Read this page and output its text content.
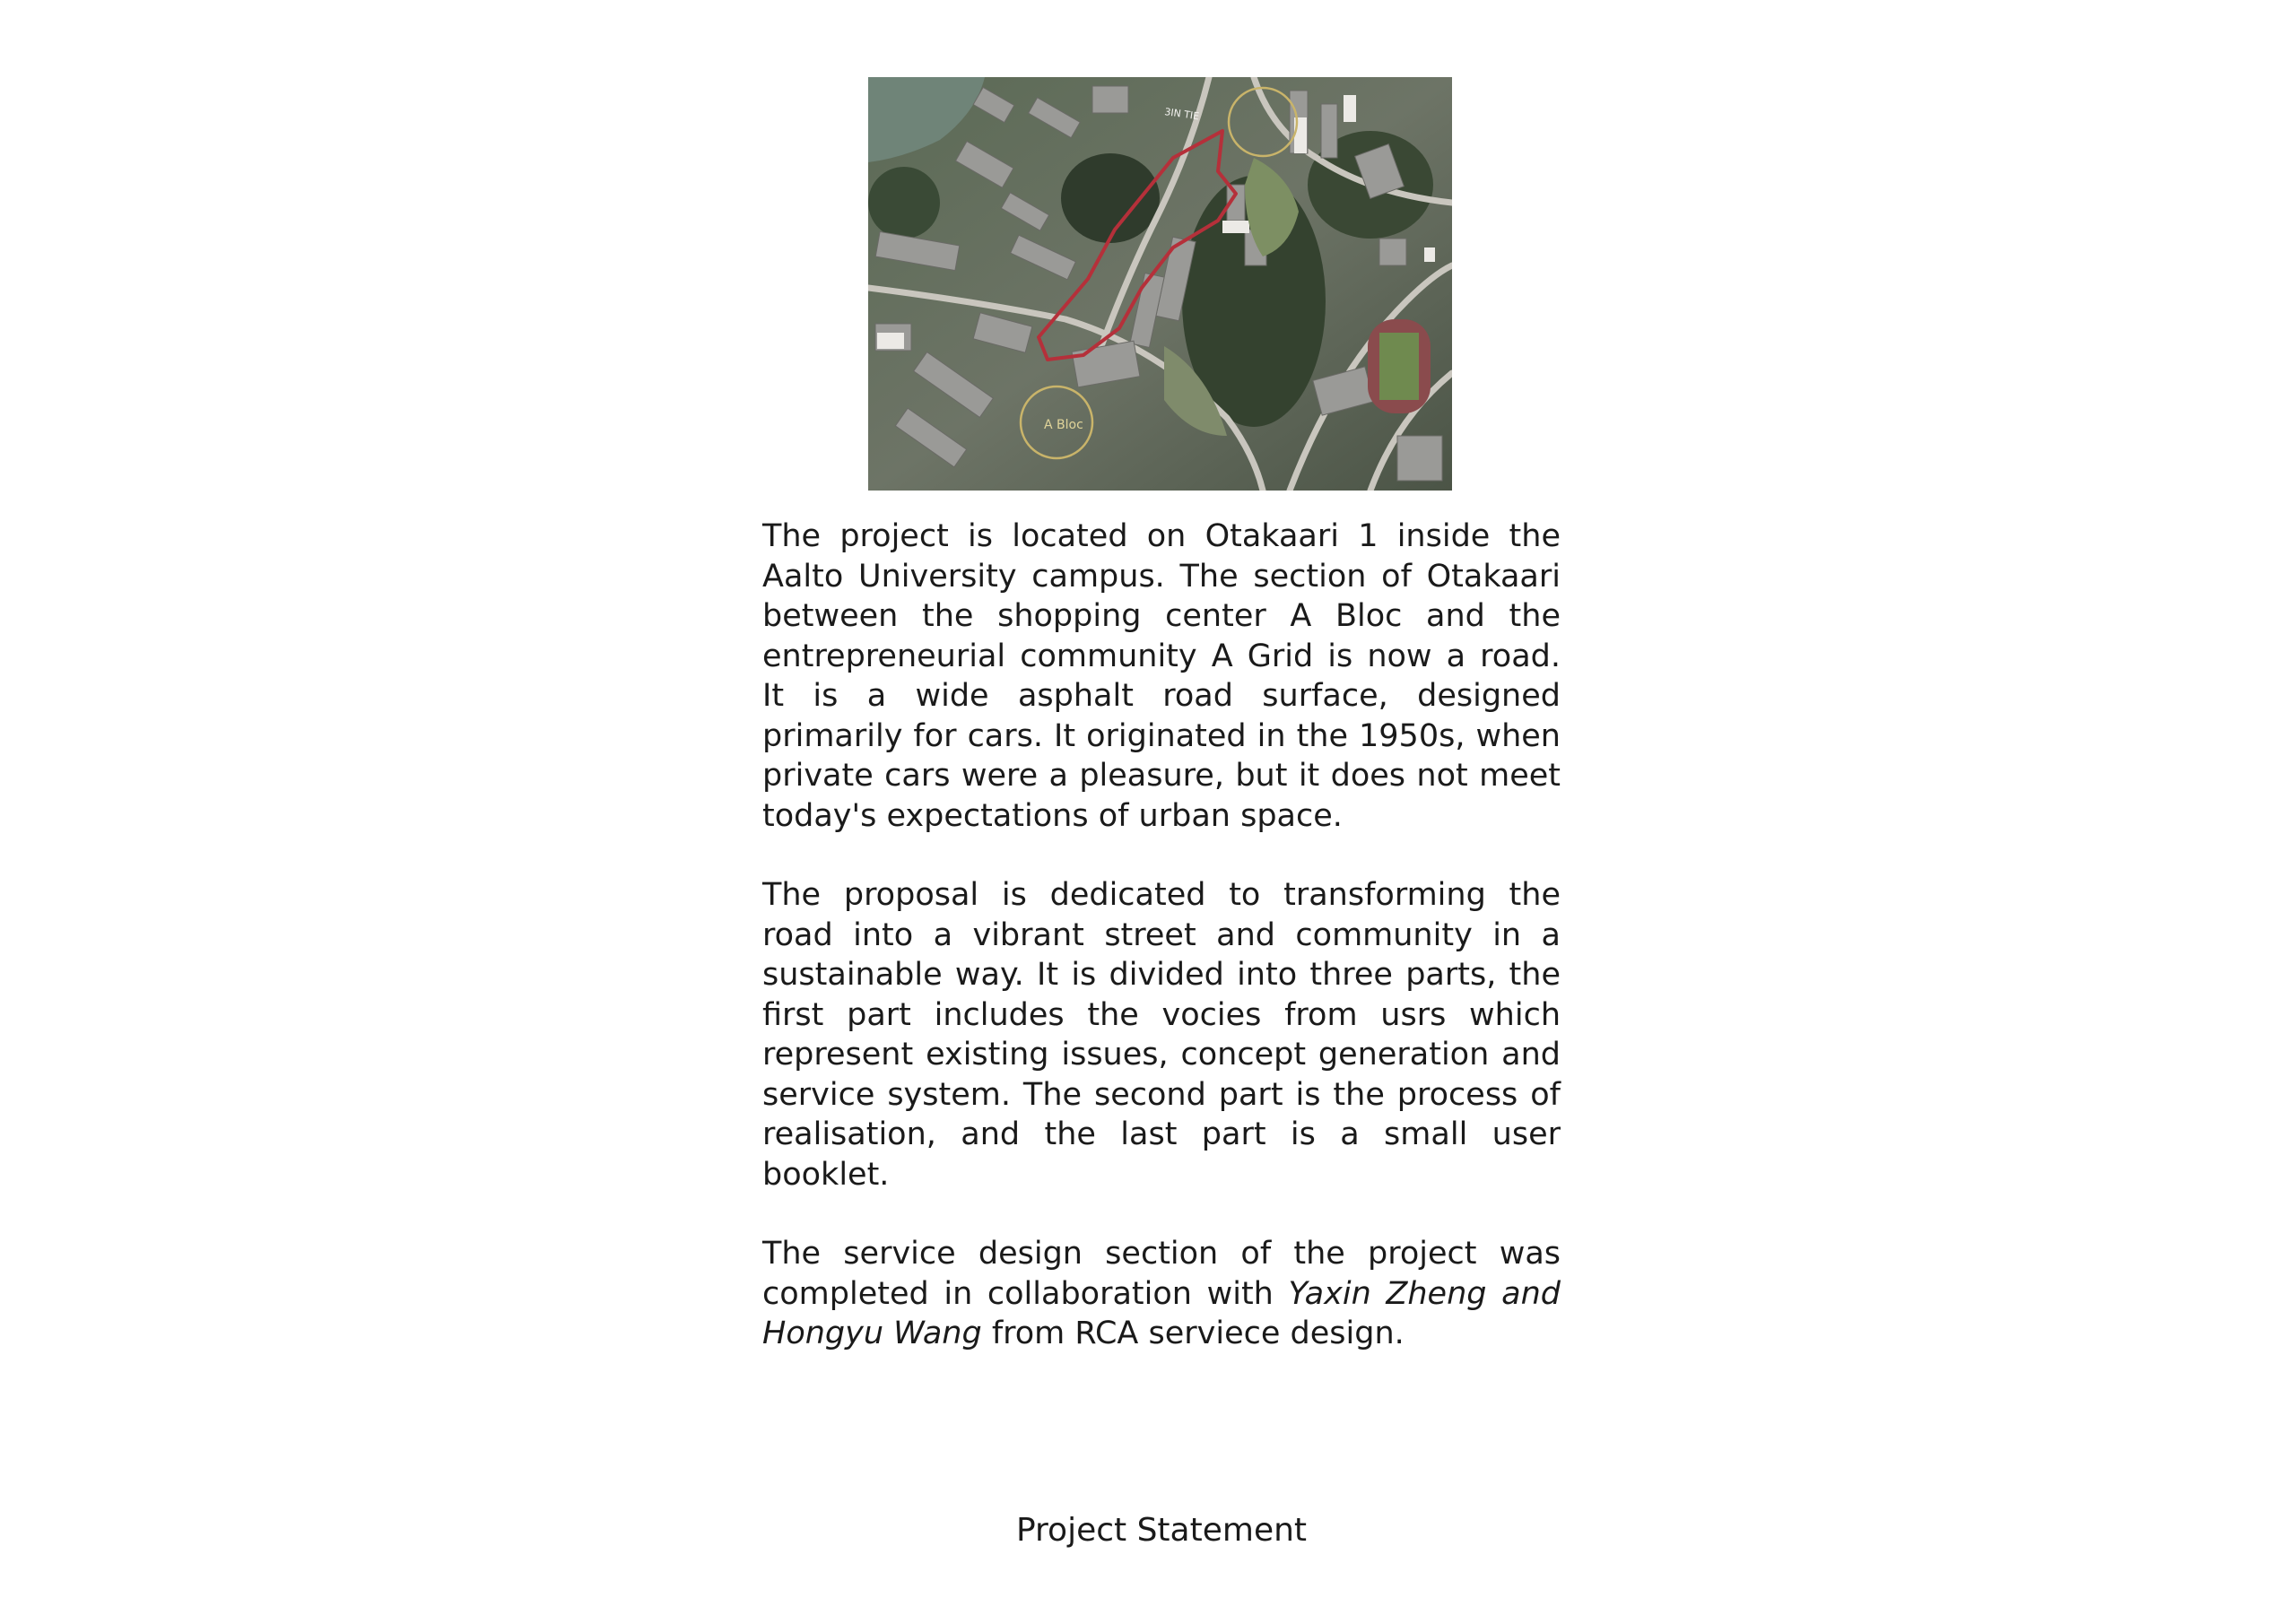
A Bloc
3IN TIE

The project is located on Otakaari 1 inside the Aalto University campus. The section of Otakaari between the shopping center A Bloc and the entrepreneurial community A Grid is now a road. It is a wide asphalt road surface, designed primarily for cars. It originated in the 1950s, when private cars were a pleasure, but it does not meet today's expectations of urban space.

The proposal is dedicated to transforming the road into a vibrant street and community in a sustainable way. It is divided into three parts, the first part includes the vocies from usrs which represent existing issues, concept generation and service system. The second part is the process of realisation, and the last part is a small user booklet.

The service design section of the project was completed in collaboration with Yaxin Zheng and Hongyu Wang from RCA serviece design.

Project Statement
